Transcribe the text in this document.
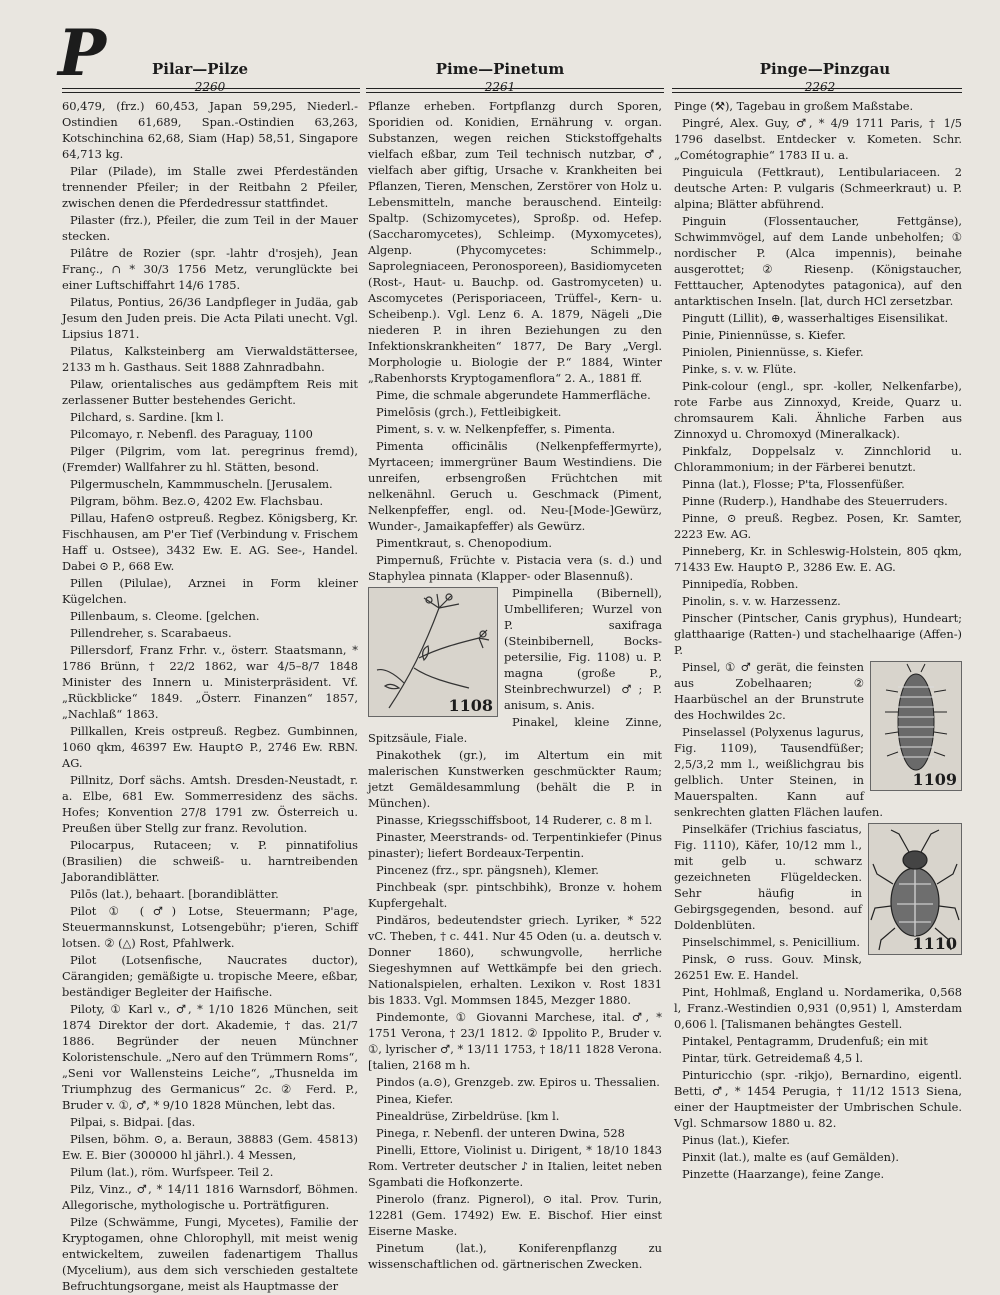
P	Pilar—Pilze	Pime—Pinetum	Pinge—Pinzgau
2260	2261	2262

60,479, (frz.) 60,453, Japan 59,295, Niederl.-Ostindien 61,689, Span.-Ostindien 63,263, Kotschinchina 62,68, Siam (Hap) 58,51, Singapore 64,713 kg.

Pilar (Pilade), im Stalle zwei Pferdeständen trennender Pfeiler; in der Reitbahn 2 Pfeiler, zwischen denen die Pferdedressur stattfindet.

Pilaster (frz.), Pfeiler, die zum Teil in der Mauer stecken.

Pilâtre de Rozier (spr. -lahtr d'rosjeh), Jean Franç., ∩ * 30/3 1756 Metz, verunglückte bei einer Luftschiffahrt 14/6 1785.

Pilatus, Pontius, 26/36 Landpfleger in Judäa, gab Jesum den Juden preis. Die Acta Pilati unecht. Vgl. Lipsius 1871.

Pilatus, Kalksteinberg am Vierwaldstättersee, 2133 m h. Gasthaus. Seit 1888 Zahnradbahn.

Pilaw, orientalisches aus gedämpftem Reis mit zerlassener Butter bestehendes Gericht.

Pilchard, s. Sardine. [km l.

Pilcomayo, r. Nebenfl. des Paraguay, 1100

Pilger (Pilgrim, vom lat. peregrinus fremd), (Fremder) Wallfahrer zu hl. Stätten, besond.

Pilgermuscheln, Kammmuscheln. [Jerusalem.

Pilgram, böhm. Bez.⊙, 4202 Ew. Flachsbau.

Pillau, Hafen⊙ ostpreuß. Regbez. Königsberg, Kr. Fischhausen, am P'er Tief (Verbindung v. Frischem Haff u. Ostsee), 3432 Ew. E. AG. See-, Handel. Dabei ⊙ P., 668 Ew.

Pillen (Pilulae), Arznei in Form kleiner Kügelchen.

Pillenbaum, s. Cleome. [gelchen.

Pillendreher, s. Scarabaeus.

Pillersdorf, Franz Frhr. v., österr. Staatsmann, * 1786 Brünn, † 22/2 1862, war 4/5–8/7 1848 Minister des Innern u. Ministerpräsident. Vf. „Rückblicke“ 1849. „Österr. Finanzen“ 1857, „Nachlaß“ 1863.

Pillkallen, Kreis ostpreuß. Regbez. Gumbinnen, 1060 qkm, 46397 Ew. Haupt⊙ P., 2746 Ew. RBN. AG.

Pillnitz, Dorf sächs. Amtsh. Dresden-Neustadt, r. a. Elbe, 681 Ew. Sommerresidenz des sächs. Hofes; Konvention 27/8 1791 zw. Österreich u. Preußen über Stellg zur franz. Revolution.

Pilocarpus, Rutaceen; v. P. pinnatifolius (Brasilien) die schweiß- u. harntreibenden Jaborandiblätter.

Pilōs (lat.), behaart. [borandiblätter.

Pilot ① (♂) Lotse, Steuermann; P'age, Steuermannskunst, Lotsengebühr; p'ieren, Schiff lotsen. ② (△) Rost, Pfahlwerk.

Pilot (Lotsenfische, Naucrates ductor), Cärangiden; gemäßigte u. tropische Meere, eßbar, beständiger Begleiter der Haifische.

Piloty, ① Karl v., ♂, * 1/10 1826 München, seit 1874 Direktor der dort. Akademie, † das. 21/7 1886. Begründer der neuen Münchner Koloristenschule. „Nero auf den Trümmern Roms“, „Seni vor Wallensteins Leiche“, „Thusnelda im Triumphzug des Germanicus“ 2c. ② Ferd. P., Bruder v. ①, ♂, * 9/10 1828 München, lebt das.

Pilpai, s. Bidpai. [das.

Pilsen, böhm. ⊙, a. Beraun, 38883 (Gem. 45813) Ew. E. Bier (300000 hl jährl.). 4 Messen,

Pilum (lat.), röm. Wurfspeer. Teil 2.

Pilz, Vinz., ♂, * 14/11 1816 Warnsdorf, Böhmen. Allegorische, mythologische u. Porträtfiguren.

Pilze (Schwämme, Fungi, Mycetes), Familie der Kryptogamen, ohne Chlorophyll, mit meist wenig entwickeltem, zuweilen fadenartigem Thallus (Mycelium), aus dem sich verschieden gestaltete Befruchtungsorgane, meist als Hauptmasse der

Pflanze erheben. Fortpflanzg durch Sporen, Sporidien od. Konidien, Ernährung v. organ. Substanzen, wegen reichen Stickstoffgehalts vielfach eßbar, zum Teil technisch nutzbar, ♂, vielfach aber giftig, Ursache v. Krankheiten bei Pflanzen, Tieren, Menschen, Zerstörer von Holz u. Lebensmitteln, manche berauschend. Einteilg: Spaltp. (Schizomycetes), Sproßp. od. Hefep. (Saccharomycetes), Schleimp. (Myxomycetes), Algenp. (Phycomycetes: Schimmelp., Saprolegniaceen, Peronosporeen), Basidiomyceten (Rost-, Haut- u. Bauchp. od. Gastromyceten) u. Ascomycetes (Perisporiaceen, Trüffel-, Kern- u. Scheibenp.). Vgl. Lenz 6. A. 1879, Nägeli „Die niederen P. in ihren Beziehungen zu den Infektionskrankheiten“ 1877, De Bary „Vergl. Morphologie u. Biologie der P.“ 1884, Winter „Rabenhorsts Kryptogamenflora“ 2. A., 1881 ff.

Pime, die schmale abgerundete Hammerfläche.

Pimelōsis (grch.), Fettleibigkeit.

Piment, s. v. w. Nelkenpfeffer, s. Pimenta.

Pimenta officinālis (Nelkenpfeffermyrte), Myrtaceen; immergrüner Baum Westindiens. Die unreifen, erbsengroßen Früchtchen mit nelkenähnl. Geruch u. Geschmack (Piment, Nelkenpfeffer, engl. od. Neu-[Mode-]Gewürz, Wunder-, Jamaikapfeffer) als Gewürz.

Pimentkraut, s. Chenopodium.

Pimpernuß, Früchte v. Pistacia vera (s. d.) und Staphylea pinnata (Klapper- oder Blasennuß).

1108

Pimpinella (Bibernell), Umbelliferen; Wurzel von P. saxifraga (Steinbibernell, Bocks-petersilie, Fig. 1108) u. P. magna (große P., Steinbrechwurzel) ♂; P. anisum, s. Anis.

Pinakel, kleine Zinne, Spitzsäule, Fiale.

Pinakothek (gr.), im Altertum ein mit malerischen Kunstwerken geschmückter Raum; jetzt Gemäldesammlung (behält die P. in München).

Pinasse, Kriegsschiffsboot, 14 Ruderer, c. 8 m l.

Pinaster, Meerstrands- od. Terpentinkiefer (Pinus pinaster); liefert Bordeaux-Terpentin.

Pincenez (frz., spr. pängsneh), Klemer.

Pinchbeak (spr. pintschbihk), Bronze v. hohem Kupfergehalt.

Pindăros, bedeutendster griech. Lyriker, * 522 vC. Theben, † c. 441. Nur 45 Oden (u. a. deutsch v. Donner 1860), schwungvolle, herrliche Siegeshymnen auf Wettkämpfe bei den griech. Nationalspielen, erhalten. Lexikon v. Rost 1831 bis 1833. Vgl. Mommsen 1845, Mezger 1880.

Pindemonte, ① Giovanni Marchese, ital. ♂, * 1751 Verona, † 23/1 1812. ② Ippolito P., Bruder v. ①, lyrischer ♂, * 13/11 1753, † 18/11 1828 Verona. [talien, 2168 m h.

Pindos (a.⊙), Grenzgeb. zw. Epiros u. Thessalien.

Pinea, Kiefer.

Pinealdrüse, Zirbeldrüse. [km l.

Pinega, r. Nebenfl. der unteren Dwina, 528

Pinelli, Ettore, Violinist u. Dirigent, * 18/10 1843 Rom. Vertreter deutscher ♪ in Italien, leitet neben Sgambati die Hofkonzerte.

Pinerolo (franz. Pignerol), ⊙ ital. Prov. Turin, 12281 (Gem. 17492) Ew. E. Bischof. Hier einst Eiserne Maske.

Pinetum (lat.), Koniferenpflanzg zu wissenschaftlichen od. gärtnerischen Zwecken.

Pinge (⚒), Tagebau in großem Maßstabe.

Pingré, Alex. Guy, ♂, * 4/9 1711 Paris, † 1/5 1796 daselbst. Entdecker v. Kometen. Schr. „Cométographie“ 1783 II u. a.

Pinguicula (Fettkraut), Lentibulariaceen. 2 deutsche Arten: P. vulgaris (Schmeerkraut) u. P. alpina; Blätter abführend.

Pinguin (Flossentaucher, Fettgänse), Schwimmvögel, auf dem Lande unbeholfen; ① nordischer P. (Alca impennis), beinahe ausgerottet; ② Riesenp. (Königstaucher, Fetttaucher, Aptenodytes patagonica), auf den antarktischen Inseln. [lat, durch HCl zersetzbar.

Pingutt (Lillit), ⊕, wasserhaltiges Eisensilikat.

Pinie, Piniennüsse, s. Kiefer.

Piniolen, Piniennüsse, s. Kiefer.

Pinke, s. v. w. Flüte.

Pink-colour (engl., spr. -koller, Nelkenfarbe), rote Farbe aus Zinnoxyd, Kreide, Quarz u. chromsaurem Kali. Ähnliche Farben aus Zinnoxyd u. Chromoxyd (Mineralkack).

Pinkfalz, Doppelsalz v. Zinnchlorid u. Chlorammonium; in der Färberei benutzt.

Pinna (lat.), Flosse; P'ta, Flossenfüßer.

Pinne (Ruderp.), Handhabe des Steuerruders.

Pinne, ⊙ preuß. Regbez. Posen, Kr. Samter, 2223 Ew. AG.

Pinneberg, Kr. in Schleswig-Holstein, 805 qkm, 71433 Ew. Haupt⊙ P., 3286 Ew. E. AG.

Pinnipedĭa, Robben.

Pinolin, s. v. w. Harzessenz.

Pinscher (Pintscher, Canis gryphus), Hundeart; glatthaarige (Ratten-) und stachelhaarige (Affen-) P.

1109

Pinsel, ① ♂ gerät, die feinsten aus Zobelhaaren; ② Haarbüschel an der Brunstrute des Hochwildes 2c.

Pinselassel (Polyxenus lagurus, Fig. 1109), Tausendfüßer; 2,5/3,2 mm l., weißlichgrau bis gelblich. Unter Steinen, in Mauerspalten. Kann auf senkrechten glatten Flächen laufen.

1110

Pinselkäfer (Trichius fasciatus, Fig. 1110), Käfer, 10/12 mm l., mit gelb u. schwarz gezeichneten Flügeldecken. Sehr häufig in Gebirgsgegenden, besond. auf Doldenblüten.

Pinselschimmel, s. Penicillium.

Pinsk, ⊙ russ. Gouv. Minsk, 26251 Ew. E. Handel.

Pint, Hohlmaß, England u. Nordamerika, 0,568 l, Franz.-Westindien 0,931 (0,951) l, Amsterdam 0,606 l. [Talismanen behängtes Gestell.

Pintakel, Pentagramm, Drudenfuß; ein mit

Pintar, türk. Getreidemaß 4,5 l.

Pinturicchio (spr. -rikjo), Bernardino, eigentl. Betti, ♂, * 1454 Perugia, † 11/12 1513 Siena, einer der Hauptmeister der Umbrischen Schule. Vgl. Schmarsow 1880 u. 82.

Pinus (lat.), Kiefer.

Pinxit (lat.), malte es (auf Gemälden).

Pinzette (Haarzange), feine Zange.
